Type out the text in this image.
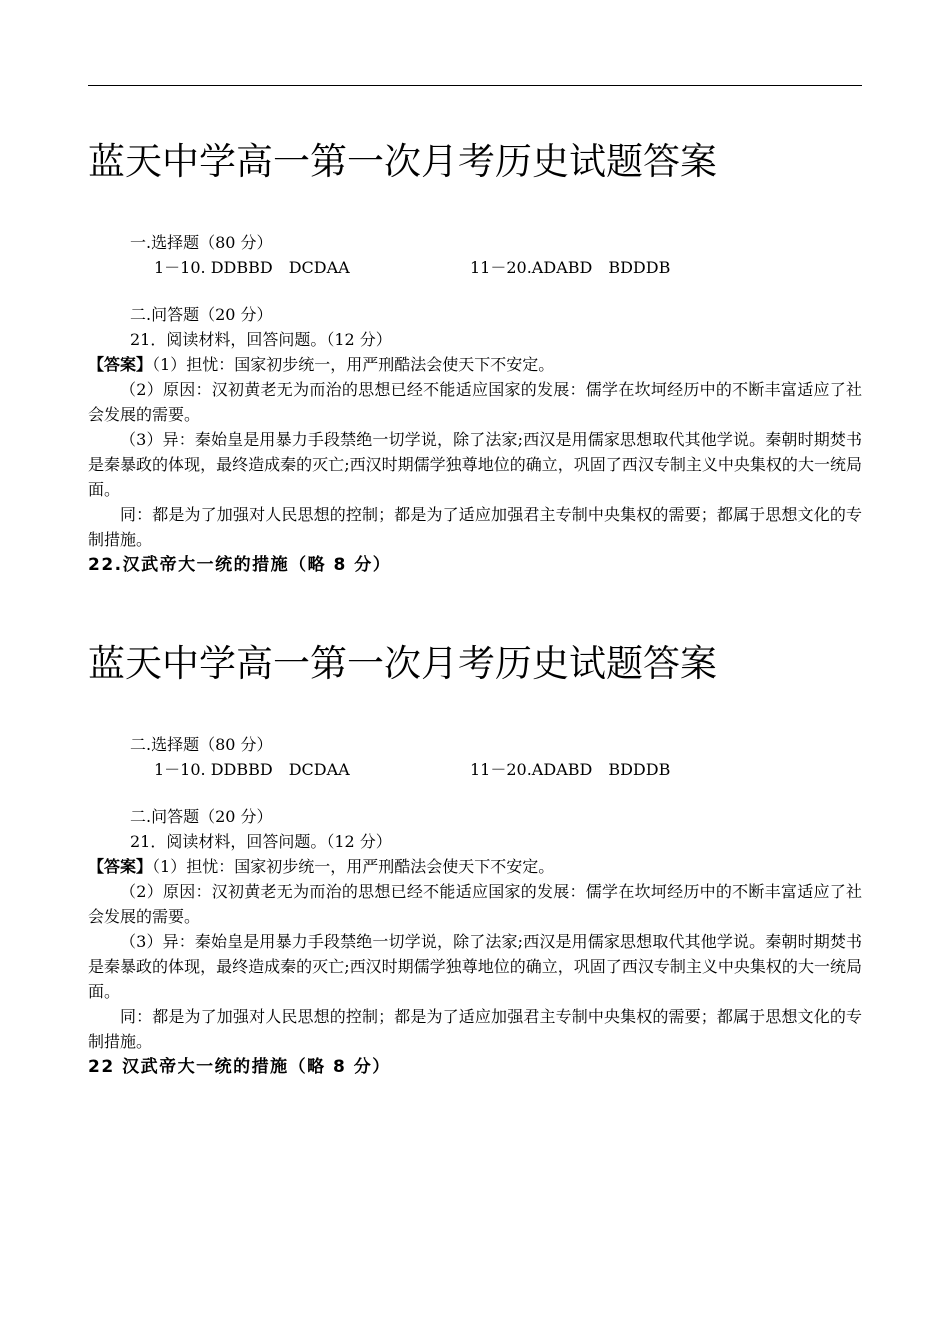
蓝天中学高一第一次月考历史试题答案
一.选择题（80 分）
1－10. DDBBD　DCDAA	11－20.ADABD　BDDDB
二.问答题（20 分）
21．阅读材料，回答问题。（12 分）
【答案】（1）担忧：国家初步统一，用严刑酷法会使天下不安定。
（2）原因：汉初黄老无为而治的思想已经不能适应国家的发展：儒学在坎坷经历中的不断丰富适应了社会发展的需要。
（3）异：秦始皇是用暴力手段禁绝一切学说，除了法家;西汉是用儒家思想取代其他学说。秦朝时期焚书是秦暴政的体现，最终造成秦的灭亡;西汉时期儒学独尊地位的确立，巩固了西汉专制主义中央集权的大一统局面。
同：都是为了加强对人民思想的控制；都是为了适应加强君主专制中央集权的需要；都属于思想文化的专制措施。
22.汉武帝大一统的措施（略 8 分）
蓝天中学高一第一次月考历史试题答案
二.选择题（80 分）
1－10. DDBBD　DCDAA	11－20.ADABD　BDDDB
二.问答题（20 分）
21．阅读材料，回答问题。（12 分）
【答案】（1）担忧：国家初步统一，用严刑酷法会使天下不安定。
（2）原因：汉初黄老无为而治的思想已经不能适应国家的发展：儒学在坎坷经历中的不断丰富适应了社会发展的需要。
（3）异：秦始皇是用暴力手段禁绝一切学说，除了法家;西汉是用儒家思想取代其他学说。秦朝时期焚书是秦暴政的体现，最终造成秦的灭亡;西汉时期儒学独尊地位的确立，巩固了西汉专制主义中央集权的大一统局面。
同：都是为了加强对人民思想的控制；都是为了适应加强君主专制中央集权的需要；都属于思想文化的专制措施。
22 汉武帝大一统的措施（略 8 分）
